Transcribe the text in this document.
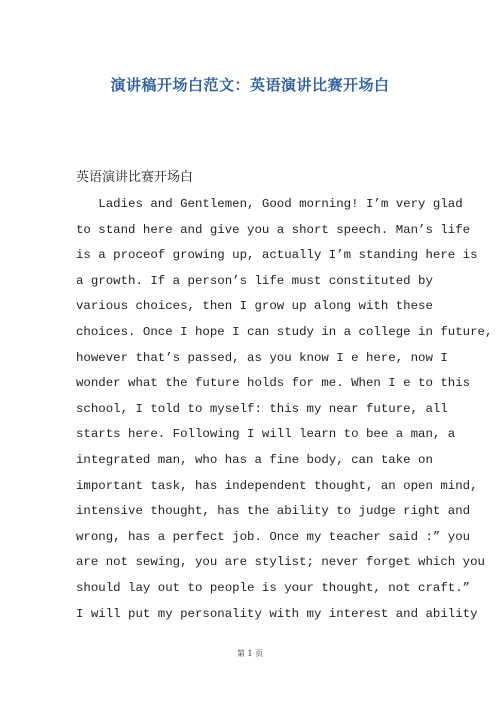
演讲稿开场白范文：英语演讲比赛开场白
英语演讲比赛开场白
Ladies and Gentlemen, Good morning! I’m very glad
to stand here and give you a short speech. Man’s life
is a proceof growing up, actually I’m standing here is
a growth. If a person’s life must constituted by
various choices, then I grow up along with these
choices. Once I hope I can study in a college in future,
however that’s passed, as you know I e here, now I
wonder what the future holds for me. When I e to this
school, I told to myself: this my near future, all
starts here. Following I will learn to bee a man, a
integrated man, who has a fine body, can take on
important task, has independent thought, an open mind,
intensive thought, has the ability to judge right and
wrong, has a perfect job. Once my teacher said :” you
are not sewing, you are stylist; never forget which you
should lay out to people is your thought, not craft.”
I will put my personality with my interest and ability
第 1 页
